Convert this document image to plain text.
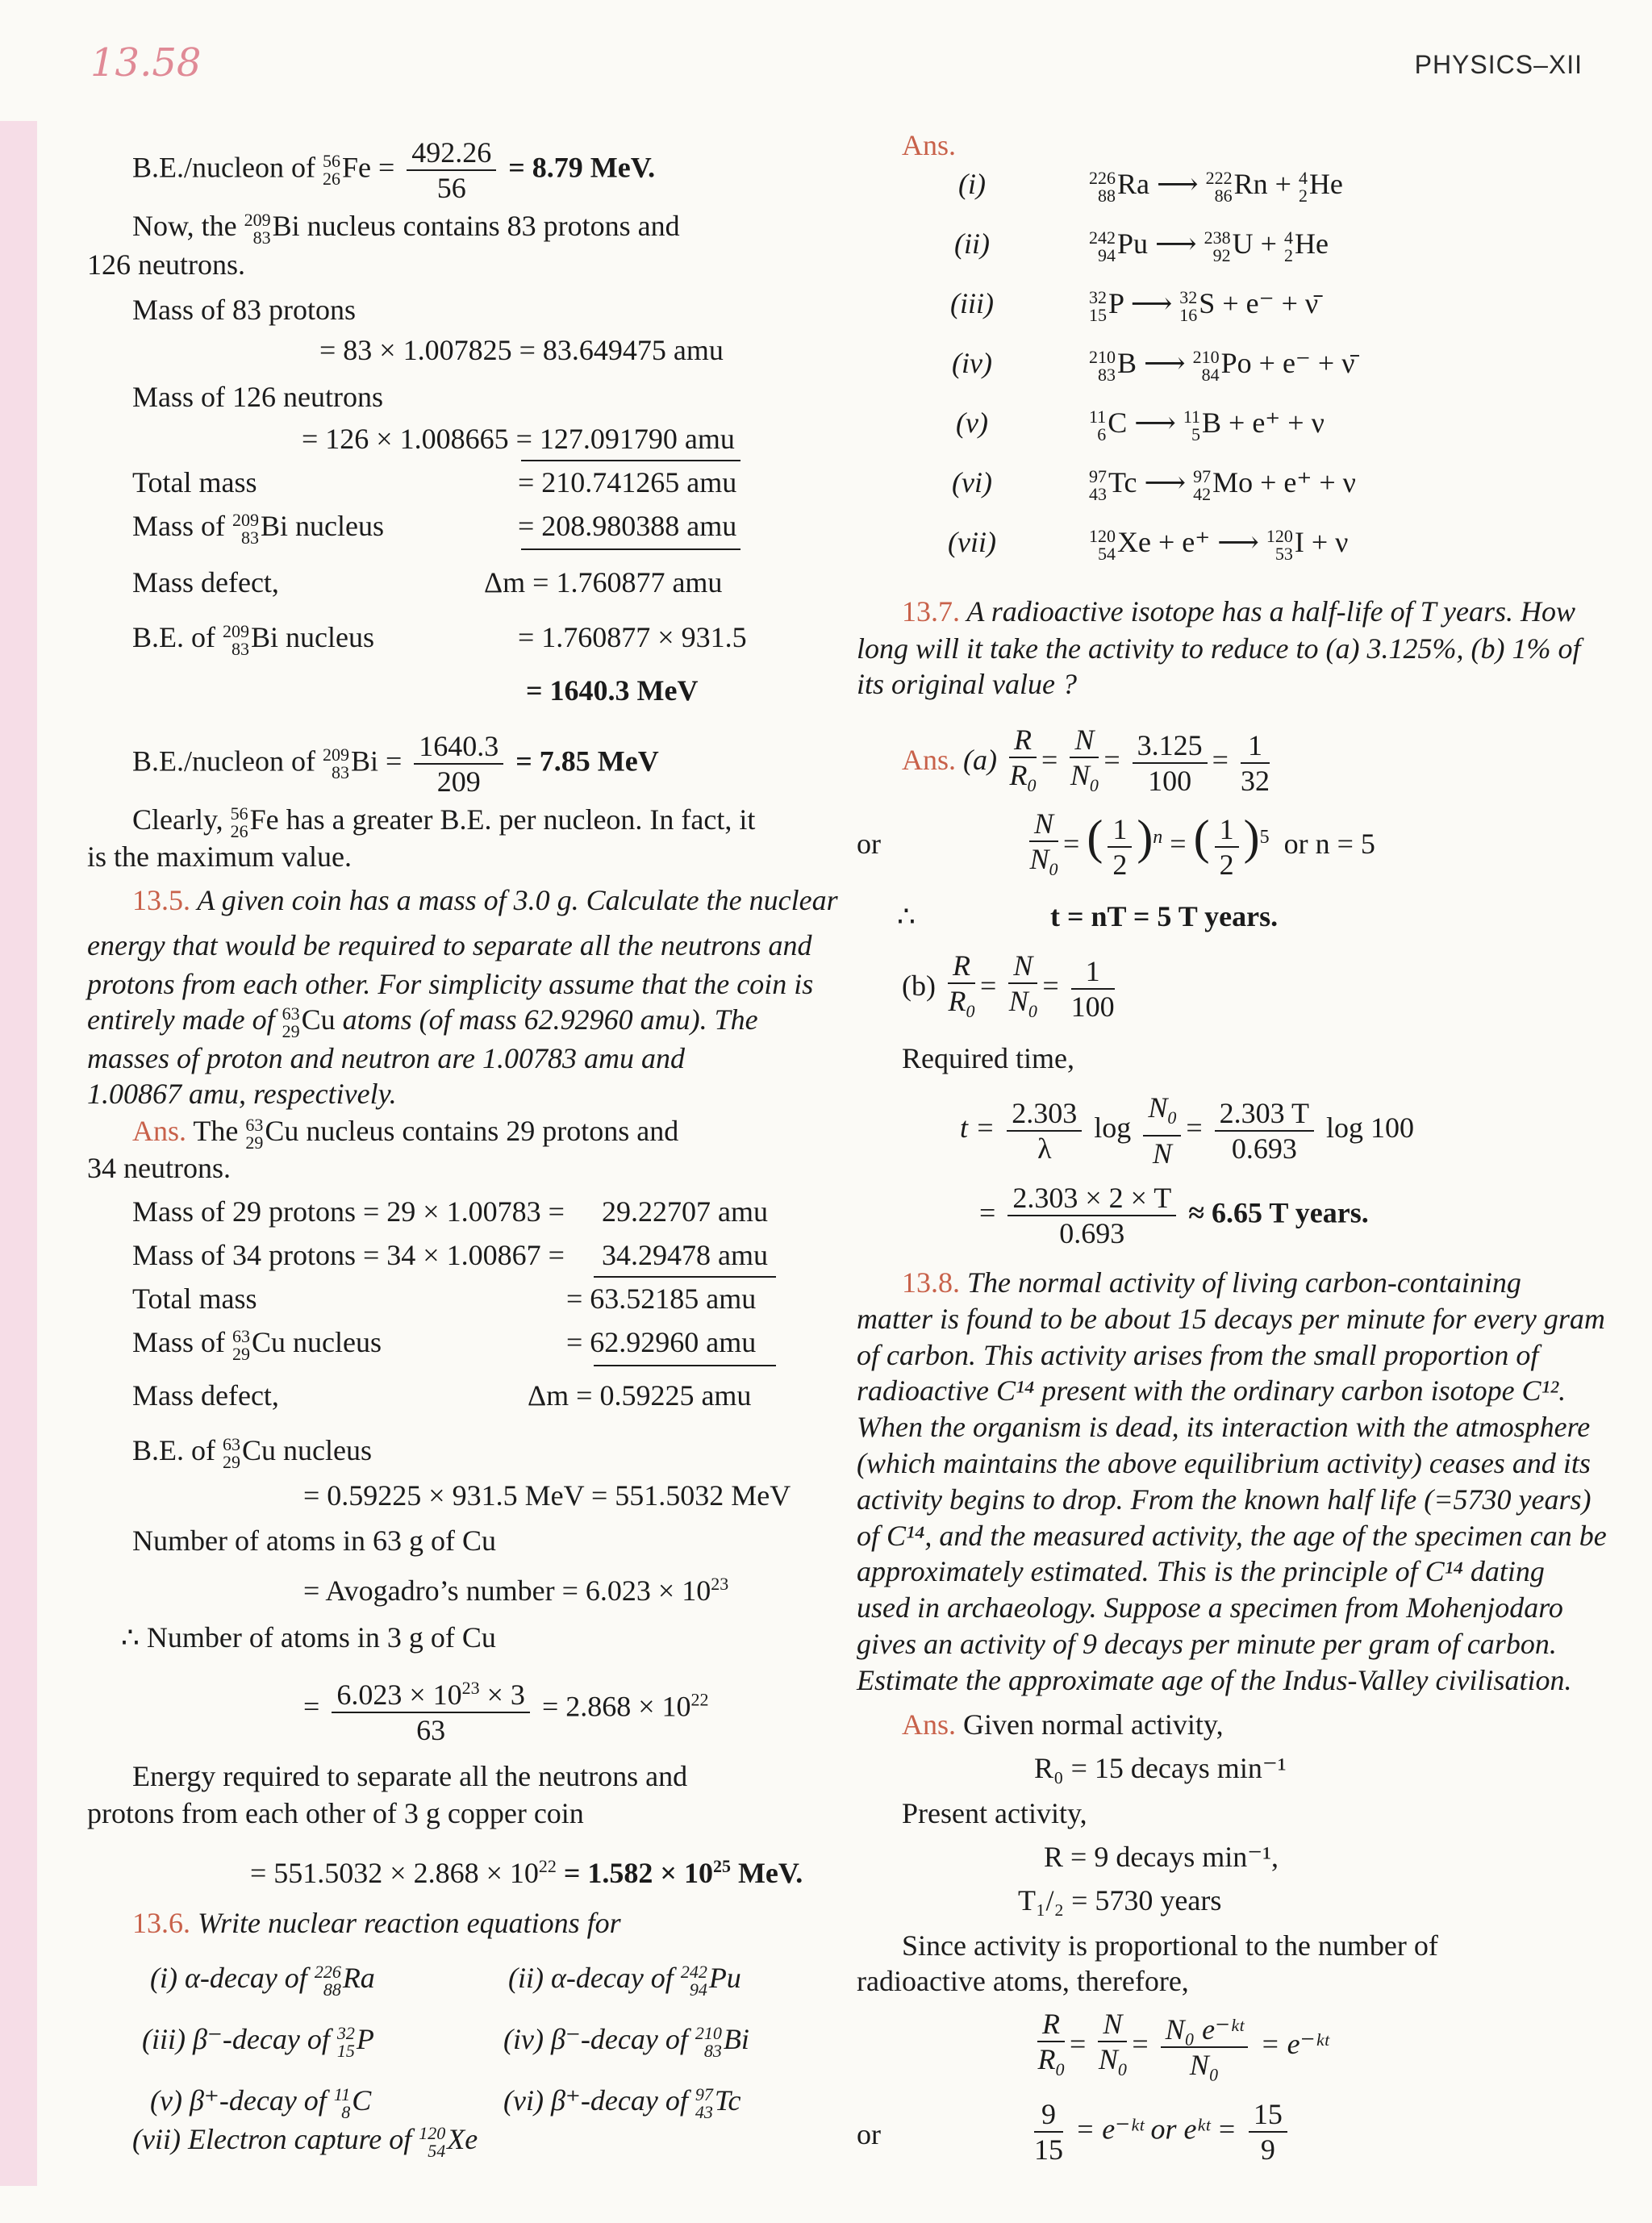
13.58	PHYSICS–XII
B.E./nucleon of 56
26 $Fe = \frac{492.26}{56} = 8.79$ MeV.
Now, the 209
83 Bi nucleus contains 83 protons and
126 neutrons.
Mass of 83 protons
= 83 × 1.007825 = 83.649475 amu
Mass of 126 neutrons
= 126 × 1.008665 = 127.091790 amu
Total mass	= 210.741265 amu
Mass of 209
83 Bi nucleus	= 208.980388 amu
Mass defect,	Δm = 1.760877 amu
B.E. of 209
83 Bi nucleus	= 1.760877 × 931.5
= 1640.3 MeV
B.E./nucleon of 209
83 $Bi = \frac{1640.3}{209} = 7.85$ MeV
Clearly, 56
26 Fe has a greater B.E. per nucleon. In fact, it
is the maximum value.
13.5. A given coin has a mass of 3.0 g. Calculate the nuclear
energy that would be required to separate all the neutrons and
protons from each other. For simplicity assume that the coin is
entirely made of 63
29 Cu atoms (of mass 62.92960 amu). The
masses of proton and neutron are 1.00783 amu and
1.00867 amu, respectively.
Ans. The 63
29 Cu nucleus contains 29 protons and
34 neutrons.
Mass of 29 protons = 29 × 1.00783 = 29.22707 amu
Mass of 34 protons = 34 × 1.00867 = 34.29478 amu
Total mass	= 63.52185 amu
Mass of 63
29 Cu nucleus	= 62.92960 amu
Mass defect,	Δm = 0.59225 amu
B.E. of 63
29 Cu nucleus
= 0.59225 × 931.5 MeV = 551.5032 MeV
Number of atoms in 63 g of Cu
= Avogadro’s number = $6.023 \times 10^{23}$
∴ Number of atoms in 3 g of Cu
= $\frac{6.023 \times 10^{23} \times 3}{63} = 2.868 \times 10^{22}$
Energy required to separate all the neutrons and
protons from each other of 3 g copper coin
= $551.5032 \times 2.868 \times 10^{22} = 1.582 \times 10^{25}$ MeV.
13.6. Write nuclear reaction equations for
(i) α-decay of 226
88 Ra	(ii) α-decay of 242
94 Pu
(iii) β⁻-decay of 32
15 P	(iv) β⁻-decay of 210
83 Bi
(v) β⁺-decay of 11
8 C	(vi) β⁺-decay of 97
43 Tc
(vii) Electron capture of 120
54 Xe
Ans.
(i)	226
88 Ra ⟶ 222
86 Rn + 4
2 He
(ii)	242
94 Pu ⟶ 238
92 U + 4
2 He
(iii)	32
15 P ⟶ 32
16 S + e⁻ + ν̄
(iv)	210
83 B ⟶ 210
84 Po + e⁻ + ν̄
(v)	11
6 C ⟶ 11
5 B + e⁺ + ν
(vi)	97
43 Tc ⟶ 97
42 Mo + e⁺ + ν
(vii)	120
54 Xe + e⁺ ⟶ 120
53 I + ν
13.7. A radioactive isotope has a half-life of T years. How
long will it take the activity to reduce to (a) 3.125%, (b) 1% of
its original value ?
Ans. $(a) \frac{R}{R_0} = \frac{N}{N_0} = \frac{3.125}{100} = \frac{1}{32}$
or	$\frac{N}{N_0}$ = ( $\frac{1}{2} )^n$ = ( $\frac{1}{2} )^5$ or n = 5
∴	t = nT = 5 T years.
$(b) \frac{R}{R_0} = \frac{N}{N_0} = \frac{1}{100}$
Required time,
$t = \frac{2.303}{\lambda}$ $\log \frac{N_0}{N} = \frac{2.303 T}{0.693}$ log 100
= $\frac{2.303 \times 2 \times T}{0.693} \approx 6.65$ T years.
13.8. The normal activity of living carbon-containing
matter is found to be about 15 decays per minute for every gram
of carbon. This activity arises from the small proportion of
radioactive C¹⁴ present with the ordinary carbon isotope C¹².
When the organism is dead, its interaction with the atmosphere
(which maintains the above equilibrium activity) ceases and its
activity begins to drop. From the known half life (=5730 years)
of C¹⁴, and the measured activity, the age of the specimen can be
approximately estimated. This is the principle of C¹⁴ dating
used in archaeology. Suppose a specimen from Mohenjodaro
gives an activity of 9 decays per minute per gram of carbon.
Estimate the approximate age of the Indus-Valley civilisation.
Ans. Given normal activity,
R₀ = 15 decays min⁻¹
Present activity,
R = 9 decays min⁻¹,
T₁/₂ = 5730 years
Since activity is proportional to the number of
radioactive atoms, therefore,
$\frac{R}{R_0} = \frac{N}{N_0} = \frac{\text{N₀ e⁻ᵏᵗ}}{\text{N₀}}$ = e⁻ᵏᵗ
or	$\frac{9}{15}$ = e⁻ᵏᵗ or eᵏᵗ = $\frac{15}{9}$
